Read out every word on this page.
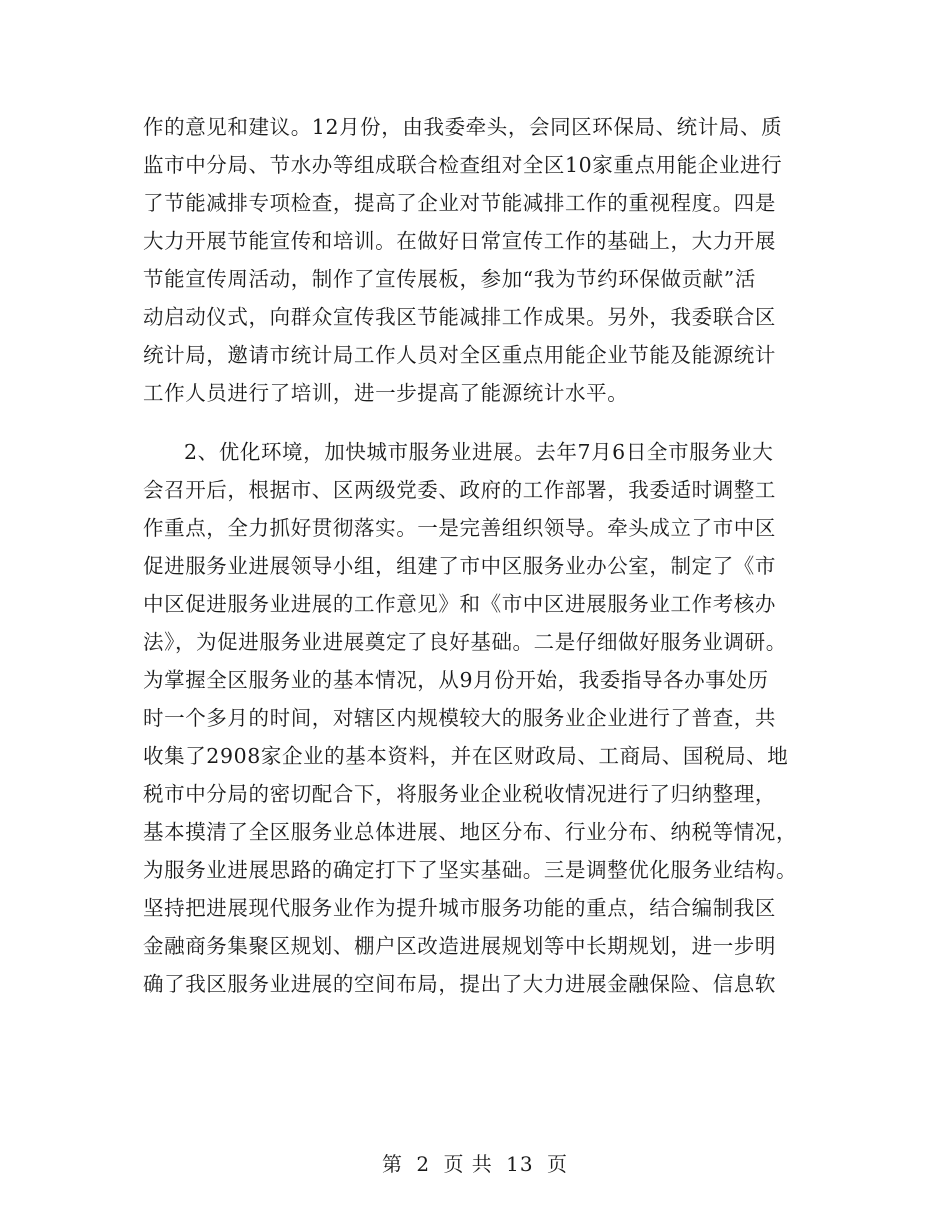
作的意见和建议。12月份，由我委牵头，会同区环保局、统计局、质
监市中分局、节水办等组成联合检查组对全区10家重点用能企业进行
了节能减排专项检查，提高了企业对节能减排工作的重视程度。四是
大力开展节能宣传和培训。在做好日常宣传工作的基础上，大力开展
节能宣传周活动，制作了宣传展板，参加“我为节约环保做贡献”活
动启动仪式，向群众宣传我区节能减排工作成果。另外，我委联合区
统计局，邀请市统计局工作人员对全区重点用能企业节能及能源统计
工作人员进行了培训，进一步提高了能源统计水平。
2、优化环境，加快城市服务业进展。去年7月6日全市服务业大
会召开后，根据市、区两级党委、政府的工作部署，我委适时调整工
作重点，全力抓好贯彻落实。一是完善组织领导。牵头成立了市中区
促进服务业进展领导小组，组建了市中区服务业办公室，制定了《市
中区促进服务业进展的工作意见》和《市中区进展服务业工作考核办
法》，为促进服务业进展奠定了良好基础。二是仔细做好服务业调研。
为掌握全区服务业的基本情况，从9月份开始，我委指导各办事处历
时一个多月的时间，对辖区内规模较大的服务业企业进行了普查，共
收集了2908家企业的基本资料，并在区财政局、工商局、国税局、地
税市中分局的密切配合下，将服务业企业税收情况进行了归纳整理，
基本摸清了全区服务业总体进展、地区分布、行业分布、纳税等情况，
为服务业进展思路的确定打下了坚实基础。三是调整优化服务业结构。
坚持把进展现代服务业作为提升城市服务功能的重点，结合编制我区
金融商务集聚区规划、棚户区改造进展规划等中长期规划，进一步明
确了我区服务业进展的空间布局，提出了大力进展金融保险、信息软
第 2 页 共 13 页
